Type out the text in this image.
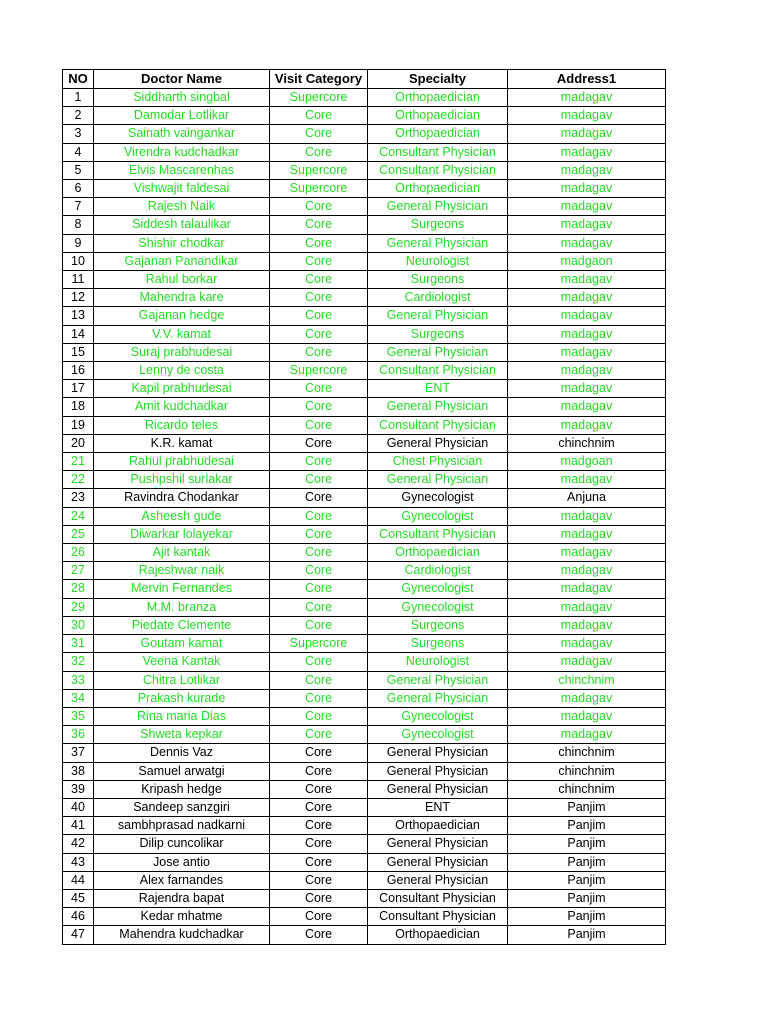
NO	Doctor Name	Visit Category	Specialty	Address1
1	Siddharth singbal	Supercore	Orthopaedician	madagav
2	Damodar Lotlikar	Core	Orthopaedician	madagav
3	Sainath vaingankar	Core	Orthopaedician	madagav
4	Virendra kudchadkar	Core	Consultant Physician	madagav
5	Elvis Mascarenhas	Supercore	Consultant Physician	madagav
6	Vishwajit faldesai	Supercore	Orthopaedician	madagav
7	Rajesh Naik	Core	General Physician	madagav
8	Siddesh talaulikar	Core	Surgeons	madagav
9	Shishir chodkar	Core	General Physician	madagav
10	Gajanan Panandikar	Core	Neurologist	madgaon
11	Rahul borkar	Core	Surgeons	madagav
12	Mahendra kare	Core	Cardiologist	madagav
13	Gajanan hedge	Core	General Physician	madagav
14	V.V. kamat	Core	Surgeons	madagav
15	Suraj prabhudesai	Core	General Physician	madagav
16	Lenny de costa	Supercore	Consultant Physician	madagav
17	Kapil prabhudesai	Core	ENT	madagav
18	Amit kudchadkar	Core	General Physician	madagav
19	Ricardo teles	Core	Consultant Physician	madagav
20	K.R. kamat	Core	General Physician	chinchnim
21	Rahul prabhudesai	Core	Chest Physician	madgoan
22	Pushpshil surlakar	Core	General Physician	madagav
23	Ravindra Chodankar	Core	Gynecologist	Anjuna
24	Asheesh gude	Core	Gynecologist	madagav
25	Diwarkar lolayekar	Core	Consultant Physician	madagav
26	Ajit kantak	Core	Orthopaedician	madagav
27	Rajeshwar naik	Core	Cardiologist	madagav
28	Mervin Fernandes	Core	Gynecologist	madagav
29	M.M. branza	Core	Gynecologist	madagav
30	Piedate Clemente	Core	Surgeons	madagav
31	Goutam kamat	Supercore	Surgeons	madagav
32	Veena Kantak	Core	Neurologist	madagav
33	Chitra Lotlikar	Core	General Physician	chinchnim
34	Prakash kurade	Core	General Physician	madagav
35	Rina maria Dias	Core	Gynecologist	madagav
36	Shweta kepkar	Core	Gynecologist	madagav
37	Dennis Vaz	Core	General Physician	chinchnim
38	Samuel arwatgi	Core	General Physician	chinchnim
39	Kripash hedge	Core	General Physician	chinchnim
40	Sandeep sanzgiri	Core	ENT	Panjim
41	sambhprasad nadkarni	Core	Orthopaedician	Panjim
42	Dilip cuncolikar	Core	General Physician	Panjim
43	Jose antio	Core	General Physician	Panjim
44	Alex farnandes	Core	General Physician	Panjim
45	Rajendra bapat	Core	Consultant Physician	Panjim
46	Kedar mhatme	Core	Consultant Physician	Panjim
47	Mahendra kudchadkar	Core	Orthopaedician	Panjim
